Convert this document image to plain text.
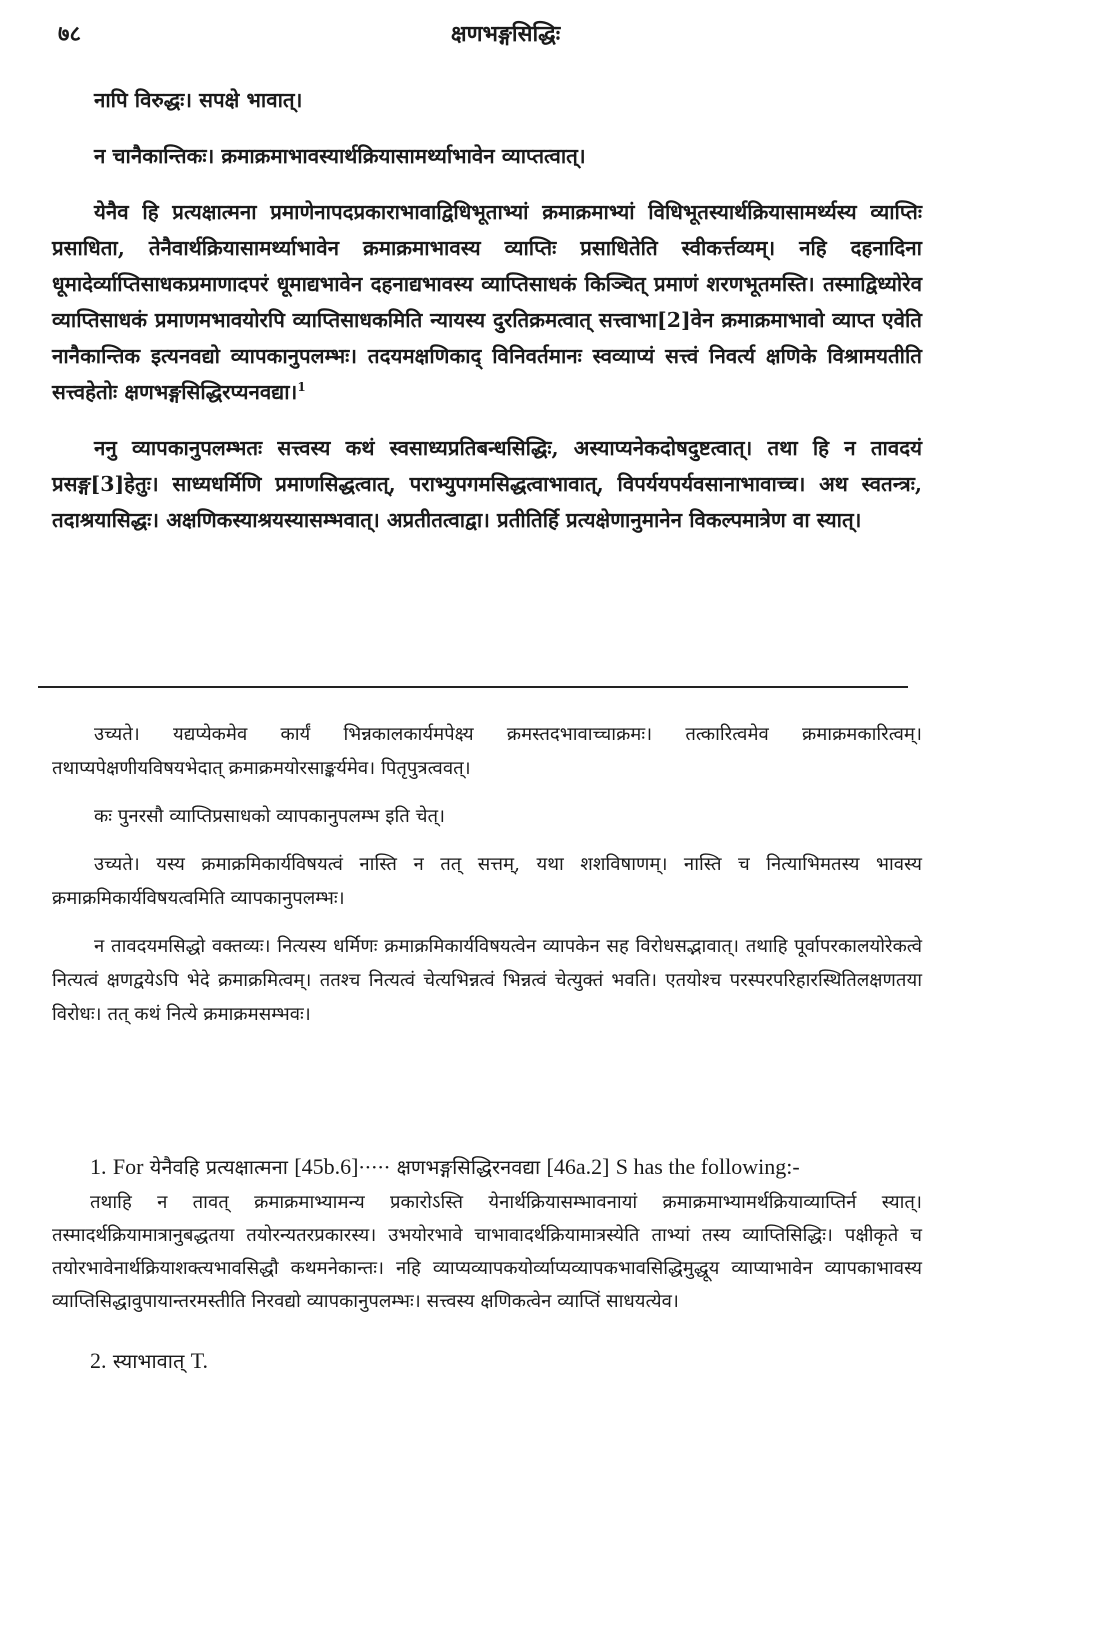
७८	क्षणभङ्गसिद्धिः

नापि विरुद्धः। सपक्षे भावात्।

न चानैकान्तिकः। क्रमाक्रमाभावस्यार्थक्रियासामर्थ्याभावेन व्याप्तत्वात्।

येनैव हि प्रत्यक्षात्मना प्रमाणेनापदप्रकाराभावाद्विधिभूताभ्यां क्रमाक्रमाभ्यां विधिभूतस्यार्थक्रियासामर्थ्यस्य व्याप्तिः प्रसाधिता, तेनैवार्थक्रियासामर्थ्याभावेन क्रमाक्रमाभावस्य व्याप्तिः प्रसाधितेति स्वीकर्त्तव्यम्। नहि दहनादिना धूमादेर्व्याप्तिसाधकप्रमाणादपरं धूमाद्यभावेन दहनाद्यभावस्य व्याप्तिसाधकं किञ्चित् प्रमाणं शरणभूतमस्ति। तस्माद्विध्योरेव व्याप्तिसाधकं प्रमाणमभावयोरपि व्याप्तिसाधकमिति न्यायस्य दुरतिक्रमत्वात् सत्त्वाभा[2]वेन क्रमाक्रमाभावो व्याप्त एवेति नानैकान्तिक इत्यनवद्यो व्यापकानुपलम्भः। तदयमक्षणिकाद् विनिवर्तमानः स्वव्याप्यं सत्त्वं निवर्त्य क्षणिके विश्रामयतीति सत्त्वहेतोः क्षणभङ्गसिद्धिरप्यनवद्या।$^1$

ननु व्यापकानुपलम्भतः सत्त्वस्य कथं स्वसाध्यप्रतिबन्धसिद्धिः, अस्याप्यनेकदोषदुष्टत्वात्। तथा हि न तावदयं प्रसङ्ग[3]हेतुः। साध्यधर्मिणि प्रमाणसिद्धत्वात्, पराभ्युपगमसिद्धत्वाभावात्, विपर्ययपर्यवसानाभावाच्च। अथ स्वतन्त्रः, तदाश्रयासिद्धः। अक्षणिकस्याश्रयस्यासम्भवात्। अप्रतीतत्वाद्वा। प्रतीतिर्हि प्रत्यक्षेणानुमानेन विकल्पमात्रेण वा स्यात्।

उच्यते। यद्यप्येकमेव कार्यं भिन्नकालकार्यमपेक्ष्य क्रमस्तदभावाच्चाक्रमः। तत्कारित्वमेव क्रमाक्रमकारित्वम्। तथाप्यपेक्षणीयविषयभेदात् क्रमाक्रमयोरसाङ्कर्यमेव। पितृपुत्रत्ववत्।

कः पुनरसौ व्याप्तिप्रसाधको व्यापकानुपलम्भ इति चेत्।

उच्यते। यस्य क्रमाक्रमिकार्यविषयत्वं नास्ति न तत् सत्तम्, यथा शशविषाणम्। नास्ति च नित्याभिमतस्य भावस्य क्रमाक्रमिकार्यविषयत्वमिति व्यापकानुपलम्भः।

न तावदयमसिद्धो वक्तव्यः। नित्यस्य धर्मिणः क्रमाक्रमिकार्यविषयत्वेन व्यापकेन सह विरोधसद्भावात्। तथाहि पूर्वापरकालयोरेकत्वे नित्यत्वं क्षणद्वयेऽपि भेदे क्रमाक्रमित्वम्। ततश्च नित्यत्वं चेत्यभिन्नत्वं भिन्नत्वं चेत्युक्तं भवति। एतयोश्च परस्परपरिहारस्थितिलक्षणतया विरोधः। तत् कथं नित्ये क्रमाक्रमसम्भवः।

1. For येनैवहि प्रत्यक्षात्मना [45b.6]····· क्षणभङ्गसिद्धिरनवद्या [46a.2] S has the following:-

तथाहि न तावत् क्रमाक्रमाभ्यामन्य प्रकारोऽस्ति येनार्थक्रियासम्भावनायां क्रमाक्रमाभ्यामर्थक्रियाव्याप्तिर्न स्यात्। तस्मादर्थक्रियामात्रानुबद्धतया तयोरन्यतरप्रकारस्य। उभयोरभावे चाभावादर्थक्रियामात्रस्येति ताभ्यां तस्य व्याप्तिसिद्धिः। पक्षीकृते च तयोरभावेनार्थक्रियाशक्त्यभावसिद्धौ कथमनेकान्तः। नहि व्याप्यव्यापकयोर्व्याप्यव्यापकभावसिद्धिमुद्धूय व्याप्याभावेन व्यापकाभावस्य व्याप्तिसिद्धावुपायान्तरमस्तीति निरवद्यो व्यापकानुपलम्भः। सत्त्वस्य क्षणिकत्वेन व्याप्तिं साधयत्येव।

2. स्याभावात् T.
